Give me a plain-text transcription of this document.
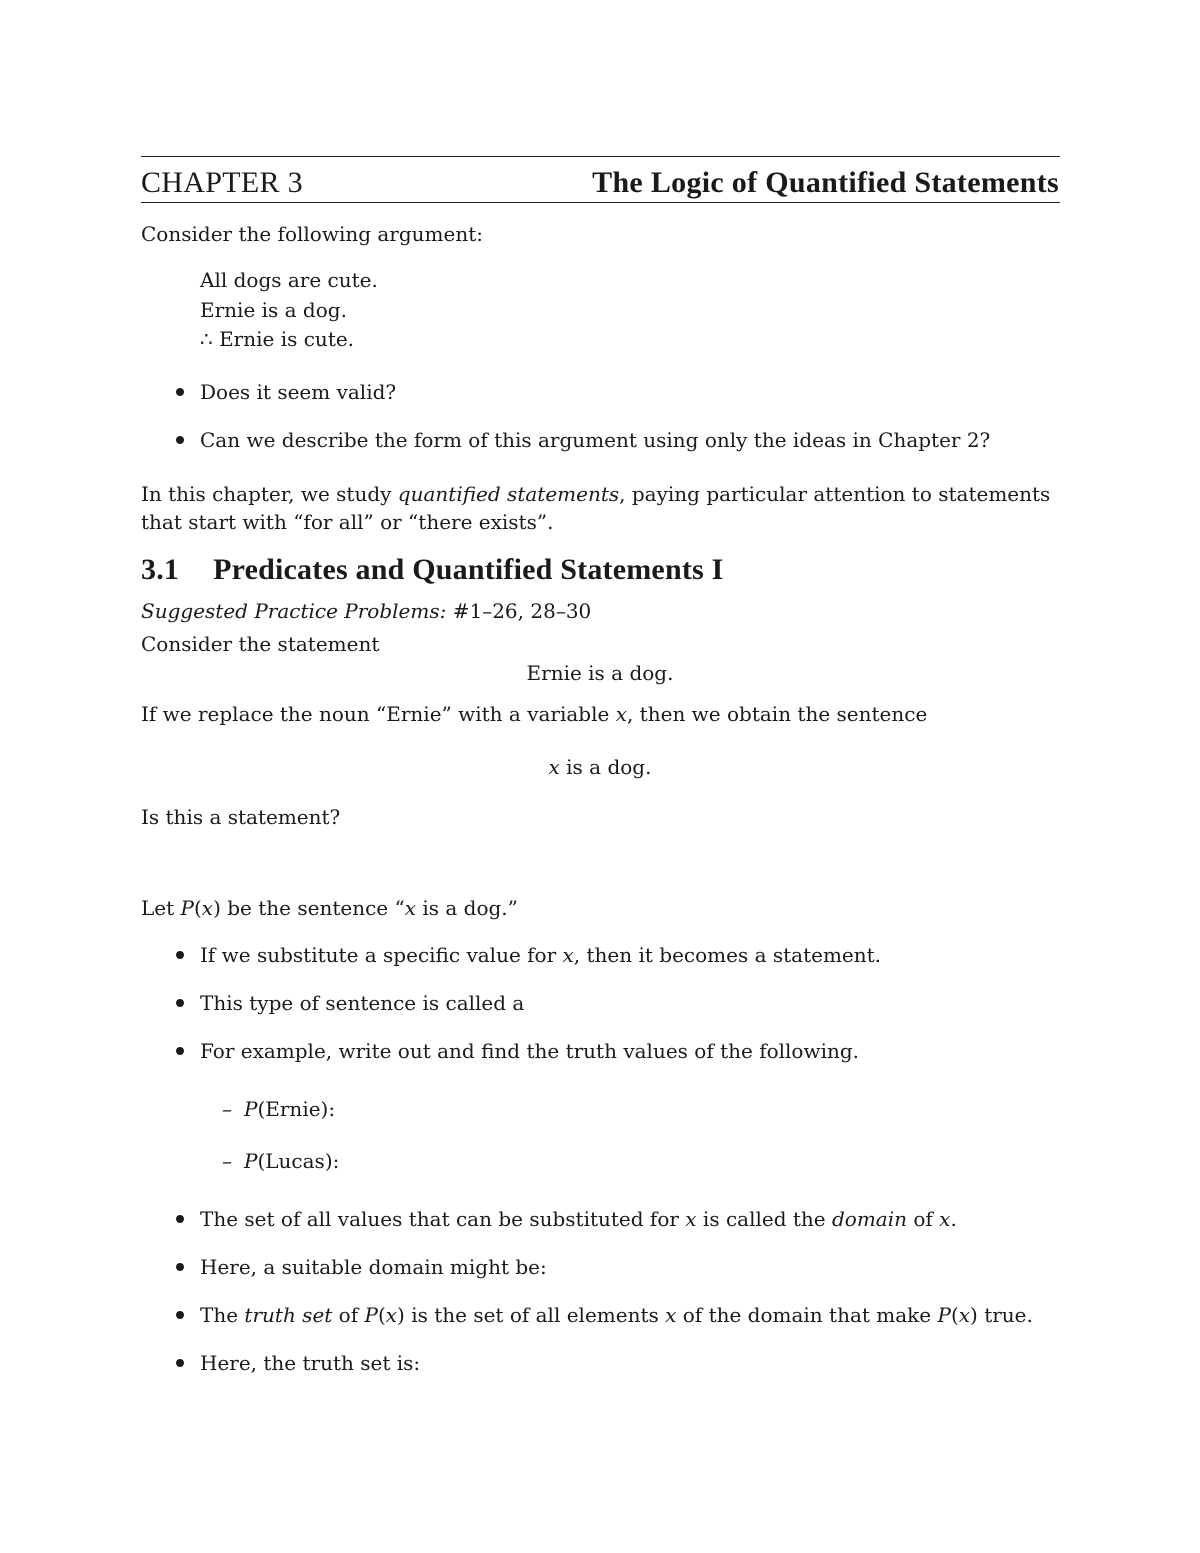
CHAPTER 3	The Logic of Quantified Statements
Consider the following argument:
All dogs are cute.
Ernie is a dog.
∴ Ernie is cute.
Does it seem valid?
Can we describe the form of this argument using only the ideas in Chapter 2?
In this chapter, we study quantified statements, paying particular attention to statements
that start with “for all” or “there exists”.
3.1 Predicates and Quantified Statements I
Suggested Practice Problems: #1–26, 28–30
Consider the statement
Ernie is a dog.
If we replace the noun “Ernie” with a variable x, then we obtain the sentence
x is a dog.
Is this a statement?
Let P(x) be the sentence “x is a dog.”
If we substitute a specific value for x, then it becomes a statement.
This type of sentence is called a
For example, write out and find the truth values of the following.
– P(Ernie):
– P(Lucas):
The set of all values that can be substituted for x is called the domain of x.
Here, a suitable domain might be:
The truth set of P(x) is the set of all elements x of the domain that make P(x) true.
Here, the truth set is:
